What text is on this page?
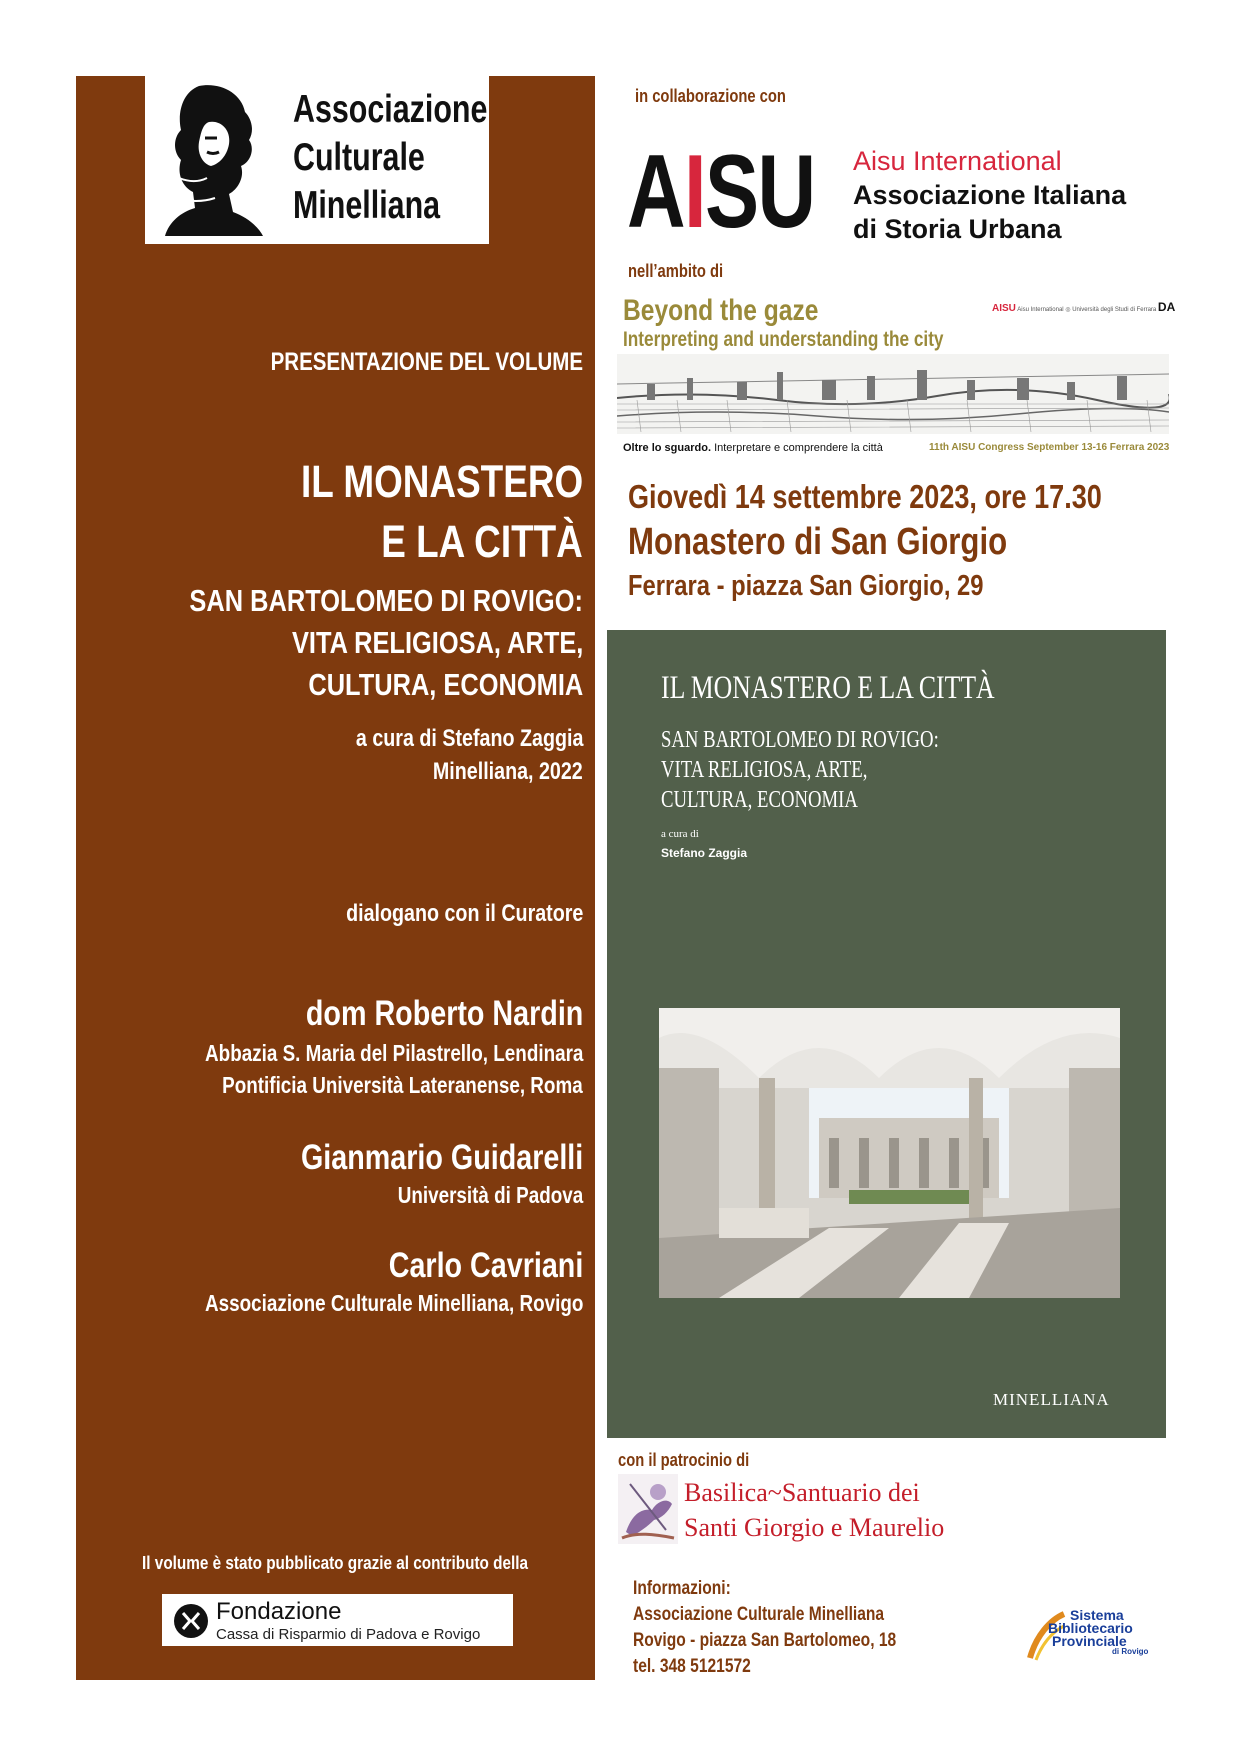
Associazione
Culturale
Minelliana
PRESENTAZIONE DEL VOLUME
IL MONASTERO
E LA CITTÀ
SAN BARTOLOMEO DI ROVIGO:
VITA RELIGIOSA, ARTE,
CULTURA, ECONOMIA
a cura di Stefano Zaggia
Minelliana, 2022
dialogano con il Curatore
dom Roberto Nardin
Abbazia S. Maria del Pilastrello, Lendinara
Pontificia Università Lateranense, Roma
Gianmario Guidarelli
Università di Padova
Carlo Cavriani
Associazione Culturale Minelliana, Rovigo
Il volume è stato pubblicato grazie al contributo della
Fondazione
Cassa di Risparmio di Padova e Rovigo
in collaborazione con
AISU	Aisu International
Associazione Italiana
di Storia Urbana
nell’ambito di
Beyond the gaze
Interpreting and understanding the city
AISU Aisu International ◎ Università degli Studi di Ferrara DA
Oltre lo sguardo. Interpretare e comprendere la città	11th AISU Congress September 13-16 Ferrara 2023
Giovedì 14 settembre 2023, ore 17.30
Monastero di San Giorgio
Ferrara - piazza San Giorgio, 29
IL MONASTERO E LA CITTÀ
SAN BARTOLOMEO DI ROVIGO:
VITA RELIGIOSA, ARTE,
CULTURA, ECONOMIA
a cura di
Stefano Zaggia
MINELLIANA
con il patrocinio di
Basilica~Santuario dei
Santi Giorgio e Maurelio
Informazioni:
Associazione Culturale Minelliana
Rovigo - piazza San Bartolomeo, 18
tel. 348 5121572
Sistema
Bibliotecario
Provinciale
di Rovigo
